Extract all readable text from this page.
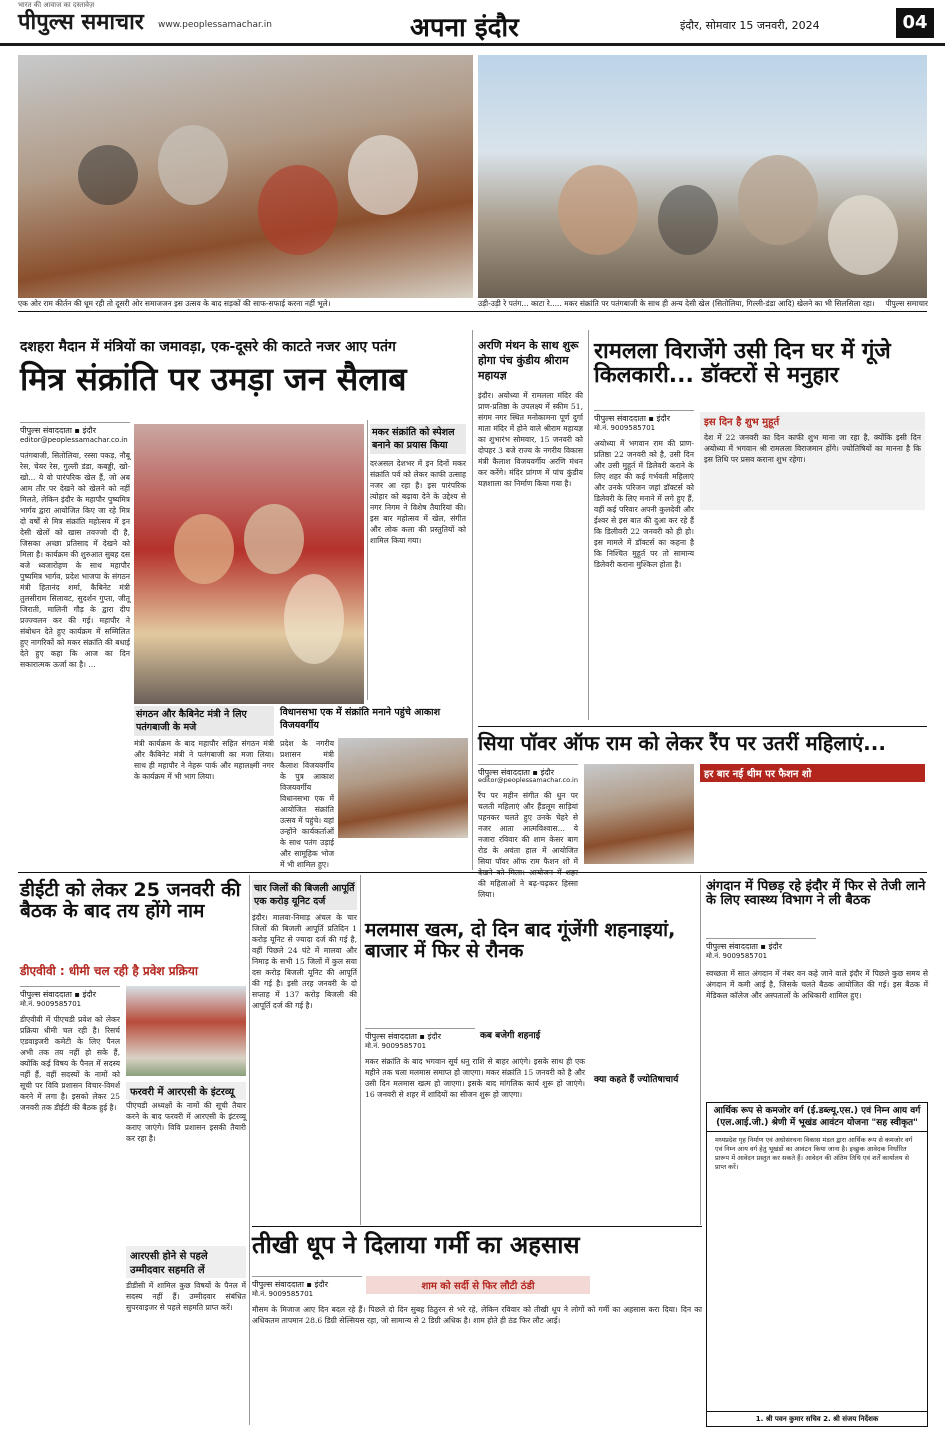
भारत की आवाज का दस्तावेज़
पीपुल्स समाचार www.peoplessamachar.in	अपना इंदौर	इंदौर, सोमवार 15 जनवरी, 2024	04
एक ओर राम कीर्तन की धूम रही तो दूसरी ओर समाजजन इस उत्सव के बाद सड़कों की साफ-सफाई करना नहीं भूले।	उड़ी-उड़ी रे पतंग... काटा रे..... मकर संक्रांति पर पतंगबाजी के साथ ही अन्य देसी खेल (सितोलिया, गिल्ली-डंडा आदि) खेलने का भी सिलसिला रहा।	पीपुल्स समाचार
दशहरा मैदान में मंत्रियों का जमावड़ा, एक-दूसरे की काटते नजर आए पतंग
मित्र संक्रांति पर उमड़ा जन सैलाब
पीपुल्स संवाददाता ▪ इंदौर
editor@peoplessamachar.co.in
पतंगबाजी, सितोलिया, रस्सा पकड़, नौबू रेस, चेयर रेस, गुल्ली डंडा, कबड्डी, खो-खो... ये वो पारंपरिक खेल हैं, जो अब आम तौर पर देखने को खेलने को नहीं मिलते, लेकिन इंदौर के महापौर पुष्यमित्र भार्गव द्वारा आयोजित किए जा रहे मित्र दो वर्षों से मित्र संक्रांति महोत्सव में इन देसी खेलों को खास तवज्जो दी है, जिसका अच्छा प्रतिसाद में देखने को मिला है। कार्यक्रम की शुरुआत सुबह दस बजे ध्वजारोहण के साथ महापौर पुष्यमित्र भार्गव, प्रदेश भाजपा के संगठन मंत्री हितानंद शर्मा, कैबिनेट मंत्री तुलसीराम सिलावट, सुदर्शन गुप्ता, जीतू जिराती, मालिनी गौड़ के द्वारा दीप प्रज्ज्वलन कर की गई। महापौर ने संबोधन देते हुए कार्यक्रम में सम्मिलित हुए नागरिकों को मकर संक्रांति की बधाई देते हुए कहा कि आज का दिन सकारात्मक ऊर्जा का है। ...
मकर संक्रांति को स्पेशल बनाने का प्रयास किया
दरअसल देशभर में इन दिनों मकर संक्रांति पर्व को लेकर काफी उत्साह नजर आ रहा है। इस पारंपरिक त्योहार को बढ़ावा देने के उद्देश्य से नगर निगम ने विशेष तैयारियां की। इस बार महोत्सव में खेल, संगीत और लोक कला की प्रस्तुतियों को शामिल किया गया।
संगठन और कैबिनेट मंत्री ने लिए पतंगबाजी के मजे
मंत्री कार्यक्रम के बाद महापौर सहित संगठन मंत्री और कैबिनेट मंत्री ने पतंगबाजी का मजा लिया। साथ ही महापौर ने नेहरू पार्क और महालक्ष्मी नगर के कार्यक्रम में भी भाग लिया।
विधानसभा एक में संक्रांति मनाने पहुंचे आकाश विजयवर्गीय
प्रदेश के नगरीय प्रशासन मंत्री कैलाश विजयवर्गीय के पुत्र आकाश विजयवर्गीय विधानसभा एक में आयोजित संक्रांति उत्सव में पहुंचे। यहां उन्होंने कार्यकर्ताओं के साथ पतंग उड़ाई और सामूहिक भोज में भी शामिल हुए।
अरणि मंथन के साथ शुरू होगा पंच कुंडीय श्रीराम महायज्ञ
इंदौर। अयोध्या में रामलला मंदिर की प्राण-प्रतिष्ठा के उपलक्ष्य में स्कीम 51, संगम नगर स्थित मनोकामना पूर्ण दुर्गा माता मंदिर में होने वाले श्रीराम महायज्ञ का शुभारंभ सोमवार, 15 जनवरी को दोपहर 3 बजे राज्य के नगरीय विकास मंत्री कैलाश विजयवर्गीय अरणि मंथन कर करेंगे। मंदिर प्रांगण में पांच कुंडीय यज्ञशाला का निर्माण किया गया है।
रामलला विराजेंगे उसी दिन घर में गूंजे किलकारी... डॉक्टरों से मनुहार
पीपुल्स संवाददाता ▪ इंदौर
मो.नं. 9009585701
अयोध्या में भगवान राम की प्राण-प्रतिष्ठा 22 जनवरी को है, उसी दिन और उसी मुहूर्त में डिलेवरी कराने के लिए शहर की कई गर्भवती महिलाएं और उनके परिजन जहां डॉक्टर्स को डिलेवरी के लिए मनाने में लगे हुए हैं, वहीं कई परिवार अपनी कुलदेवी और ईश्वर से इस बात की दुआ कर रहे हैं कि डिलीवरी 22 जनवरी को ही हो। इस मामले में डॉक्टर्स का कहना है कि निश्चित मुहूर्त पर तो सामान्य डिलेवरी कराना मुश्किल होता है।
इस दिन है शुभ मुहूर्त
देश में 22 जनवरी का दिन काफी शुभ माना जा रहा है, क्योंकि इसी दिन अयोध्या में भगवान श्री रामलला विराजमान होंगे। ज्योतिषियों का मानना है कि इस तिथि पर प्रसव कराना शुभ रहेगा।
सिया पॉवर ऑफ राम को लेकर रैंप पर उतरीं महिलाएं...
पीपुल्स संवाददाता ▪ इंदौर
editor@peoplessamachar.co.in
रैंप पर महीन संगीत की धुन पर चलती महिलाएं और हैंडलूम साड़ियां पहनकर चलते हुए उनके चेहरे से नजर आता आत्मविश्वास... ये नजारा रविवार की शाम केसर बाग रोड के अवंता हाल में आयोजित सिया पॉवर ऑफ राम फैशन शो में की महिलाओं ने बढ़-चढ़कर हिस्सा लिया।
हर बार नई थीम पर फैशन शो
डीईटी को लेकर 25 जनवरी की बैठक के बाद तय होंगे नाम
डीएवीवी : धीमी चल रही है प्रवेश प्रक्रिया
पीपुल्स संवाददाता ▪ इंदौर
मो.नं. 9009585701
डीएवीवी में पीएचडी प्रवेश को लेकर प्रक्रिया धीमी चल रही है। रिसर्च एडवाइजरी कमेटी के लिए पैनल अभी तक तय नहीं हो सके हैं, क्योंकि कई विषय के पैनल में सदस्य नहीं हैं, वहीं सदस्यों के नामों को सूची पर विवि प्रशासन विचार-विमर्श करने में लगा है। इसको लेकर 25 जनवरी तक डीईटी की बैठक हुई है।
फरवरी में आरएसी के इंटरव्यू
पीएचडी अध्यक्षों के नामों की सूची तैयार करने के बाद फरवरी में आरएसी के इंटरव्यू कराए जाएंगे। विवि प्रशासन इसकी तैयारी कर रहा है।
आरएसी होने से पहले उम्मीदवार सहमति लें
डीडीसी में शामिल कुछ विषयों के पैनल में सदस्य नहीं हैं। उम्मीदवार संबंधित सुपरवाइजर से पहले सहमति प्राप्त करें।
चार जिलों की बिजली आपूर्ति एक करोड़ यूनिट दर्ज
इंदौर। मालवा-निमाड़ अंचल के चार जिलों की बिजली आपूर्ति प्रतिदिन 1 करोड़ यूनिट से ज्यादा दर्ज की गई है, वहीं पिछले 24 घंटे में मालवा और निमाड़ के सभी 15 जिलों में कुल सवा दस करोड़ बिजली यूनिट की आपूर्ति की गई है। इसी तरह जनवरी के दो सप्ताह में 137 करोड़ बिजली की आपूर्ति दर्ज की गई है।
मलमास खत्म, दो दिन बाद गूंजेंगी शहनाइयां, बाजार में फिर से रौनक
पीपुल्स संवाददाता ▪ इंदौर
मो.नं. 9009585701
कब बजेगी शहनाई
क्या कहते हैं ज्योतिषाचार्य
मकर संक्रांति के बाद भगवान सूर्य धनु राशि से बाहर आएंगे। इसके साथ ही एक महीने तक चला मलमास समाप्त हो जाएगा। मकर संक्रांति 15 जनवरी को है और उसी दिन मलमास खत्म हो जाएगा। इसके बाद मांगलिक कार्य शुरू हो जाएंगे। 16 जनवरी से शहर में शादियों का सीजन शुरू हो जाएगा।
अंगदान में पिछड़ रहे इंदौर में फिर से तेजी लाने के लिए स्वास्थ्य विभाग ने ली बैठक
पीपुल्स संवाददाता ▪ इंदौर
मो.नं. 9009585701
स्वच्छता में सात अंगदान में नंबर वन कहे जाने वाले इंदौर में पिछले कुछ समय से अंगदान में कमी आई है, जिसके चलते बैठक आयोजित की गई। इस बैठक में मेडिकल कॉलेज और अस्पतालों के अधिकारी शामिल हुए।
आर्थिक रूप से कमजोर वर्ग (ई.डब्ल्यू.एस.) एवं निम्न आय वर्ग (एल.आई.जी.) श्रेणी में भूखंड आवंटन योजना "सह स्वीकृत"
मध्यप्रदेश गृह निर्माण एवं अधोसंरचना विकास मंडल द्वारा आर्थिक रूप से कमजोर वर्ग एवं निम्न आय वर्ग हेतु भूखंडों का आवंटन किया जाना है। इच्छुक आवेदक निर्धारित प्रारूप में आवेदन प्रस्तुत कर सकते हैं। आवेदन की अंतिम तिथि एवं शर्तें कार्यालय से प्राप्त करें।
1. श्री पवन कुमार सचिव 2. श्री संजय निर्देशक
तीखी धूप ने दिलाया गर्मी का अहसास
पीपुल्स संवाददाता ▪ इंदौर
मो.नं. 9009585701
शाम को सर्दी से फिर लौटी ठंडी
मौसम के मिजाज आए दिन बदल रहे हैं। पिछले दो दिन सुबह ठिठुरन से भरे रहे, लेकिन रविवार को तीखी धूप ने लोगों को गर्मी का अहसास करा दिया। दिन का अधिकतम तापमान 28.6 डिग्री सेल्सियस रहा, जो सामान्य से 2 डिग्री अधिक है। शाम होते ही ठंड फिर लौट आई।
